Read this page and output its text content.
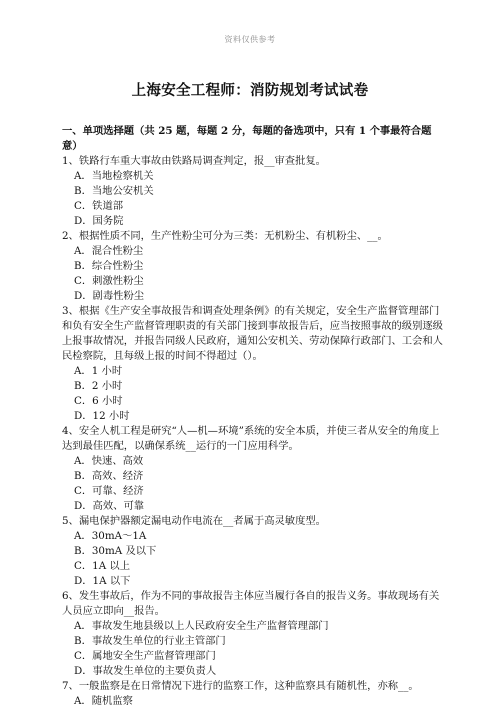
资料仅供参考
上海安全工程师：消防规划考试试卷

一、单项选择题（共 25 题，每题 2 分，每题的备选项中，只有 1 个事最符合题意）

1、铁路行车重大事故由铁路局调查判定，报__审查批复。

A．当地检察机关

B．当地公安机关

C．铁道部

D．国务院

2、根据性质不同，生产性粉尘可分为三类：无机粉尘、有机粉尘、__。

A．混合性粉尘

B．综合性粉尘

C．刺激性粉尘

D．剧毒性粉尘

3、根据《生产安全事故报告和调查处理条例》的有关规定，安全生产监督管理部门和负有安全生产监督管理职责的有关部门接到事故报告后，应当按照事故的级别逐级上报事故情况，并报告同级人民政府，通知公安机关、劳动保障行政部门、工会和人民检察院，且每级上报的时间不得超过（）。

A．1 小时

B．2 小时

C．6 小时

D．12 小时

4、安全人机工程是研究“人—机—环境”系统的安全本质，并使三者从安全的角度上达到最佳匹配，以确保系统__运行的一门应用科学。

A．快速、高效

B．高效、经济

C．可靠、经济

D．高效、可靠

5、漏电保护器额定漏电动作电流在__者属于高灵敏度型。

A．30mA～1A

B．30mA 及以下

C．1A 以上

D．1A 以下

6、发生事故后，作为不同的事故报告主体应当履行各自的报告义务。事故现场有关人员应立即向__报告。

A．事故发生地县级以上人民政府安全生产监督管理部门

B．事故发生单位的行业主管部门

C．属地安全生产监督管理部门

D．事故发生单位的主要负责人

7、一般监察是在日常情况下进行的监察工作，这种监察具有随机性，亦称__。

A．随机监察
